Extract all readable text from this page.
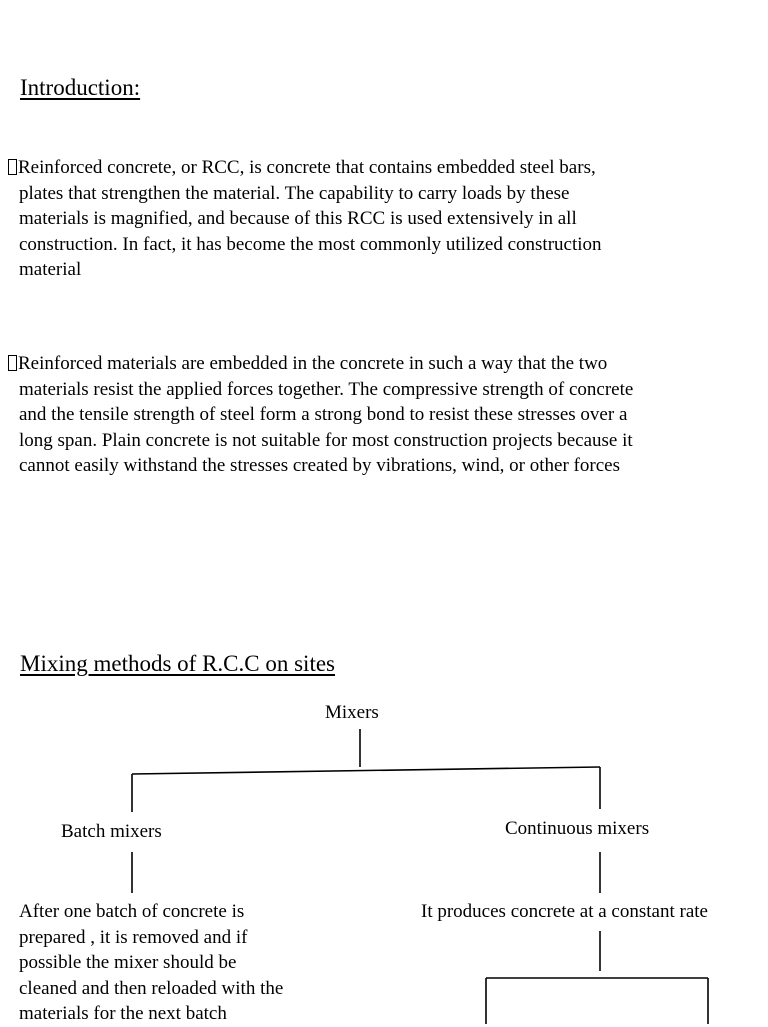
Introduction:
Reinforced concrete, or RCC, is concrete that contains embedded steel bars,
plates that strengthen the material. The capability to carry loads by these
materials is magnified, and because of this RCC is used extensively in all
construction. In fact, it has become the most commonly utilized construction
material
Reinforced materials are embedded in the concrete in such a way that the two
materials resist the applied forces together. The compressive strength of concrete
and the tensile strength of steel form a strong bond to resist these stresses over a
long span. Plain concrete is not suitable for most construction projects because it
cannot easily withstand the stresses created by vibrations, wind, or other forces
Mixing methods of R.C.C on sites
Mixers
Batch mixers	Continuous mixers
After one batch of concrete is
prepared , it is removed and if
possible the mixer should be
cleaned and then reloaded with the
materials for the next batch
It produces concrete at a constant rate
